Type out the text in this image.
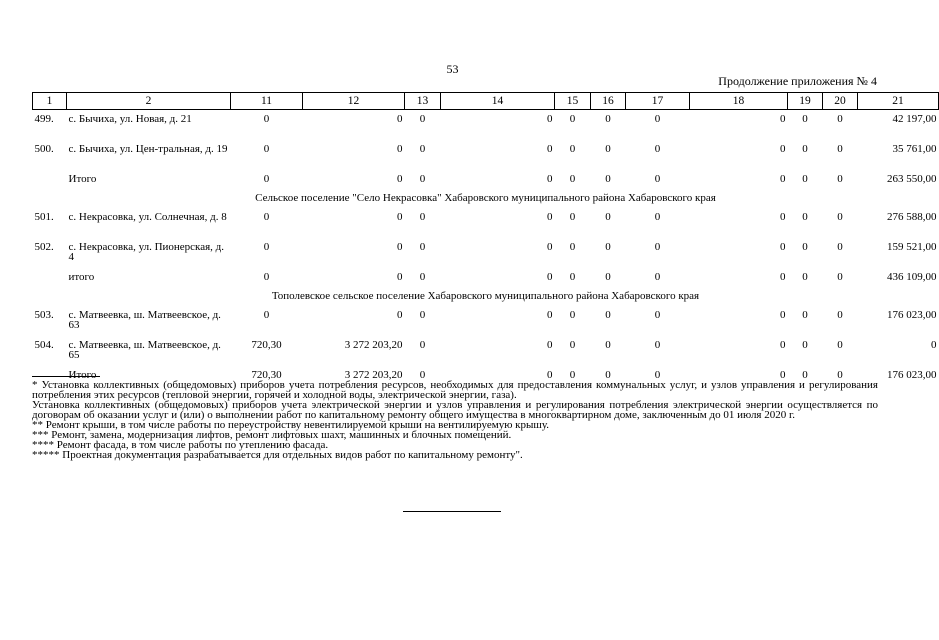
53
Продолжение приложения № 4
1	2	11	12	13	14	15	16	17	18	19	20	21
499.	с. Бычиха, ул. Новая, д. 21	0	0	0	0	0	0	0	0	0	0	42 197,00
500.	с. Бычиха, ул. Цен-тральная, д. 19	0	0	0	0	0	0	0	0	0	0	35 761,00
	Итого	0	0	0	0	0	0	0	0	0	0	263 550,00
Сельское поселение "Село Некрасовка" Хабаровского муниципального района Хабаровского края												
501.	с. Некрасовка, ул. Солнечная, д. 8	0	0	0	0	0	0	0	0	0	0	276 588,00
502.	с. Некрасовка, ул. Пионерская, д. 4	0	0	0	0	0	0	0	0	0	0	159 521,00
	итого	0	0	0	0	0	0	0	0	0	0	436 109,00
Тополевское сельское поселение Хабаровского муниципального района Хабаровского края												
503.	с. Матвеевка, ш. Матвеевское, д. 63	0	0	0	0	0	0	0	0	0	0	176 023,00
504.	с. Матвеевка, ш. Матвеевское, д. 65	720,30	3 272 203,20	0	0	0	0	0	0	0	0	0
	Итого	720,30	3 272 203,20	0	0	0	0	0	0	0	0	176 023,00

* Установка коллективных (общедомовых) приборов учета потребления ресурсов, необходимых для предоставления коммунальных услуг, и узлов управления и регулирования потребления этих ресурсов (тепловой энергии, горячей и холодной воды, электрической энергии, газа).

Установка коллективных (общедомовых) приборов учета электрической энергии и узлов управления и регулирования потребления электрической энергии осуществляется по договорам об оказании услуг и (или) о выполнении работ по капитальному ремонту общего имущества в многоквартирном доме, заключенным до 01 июля 2020 г.

** Ремонт крыши, в том числе работы по переустройству невентилируемой крыши на вентилируемую крышу.

*** Ремонт, замена, модернизация лифтов, ремонт лифтовых шахт, машинных и блочных помещений.

**** Ремонт фасада, в том числе работы по утеплению фасада.

***** Проектная документация разрабатывается для отдельных видов работ по капитальному ремонту".
